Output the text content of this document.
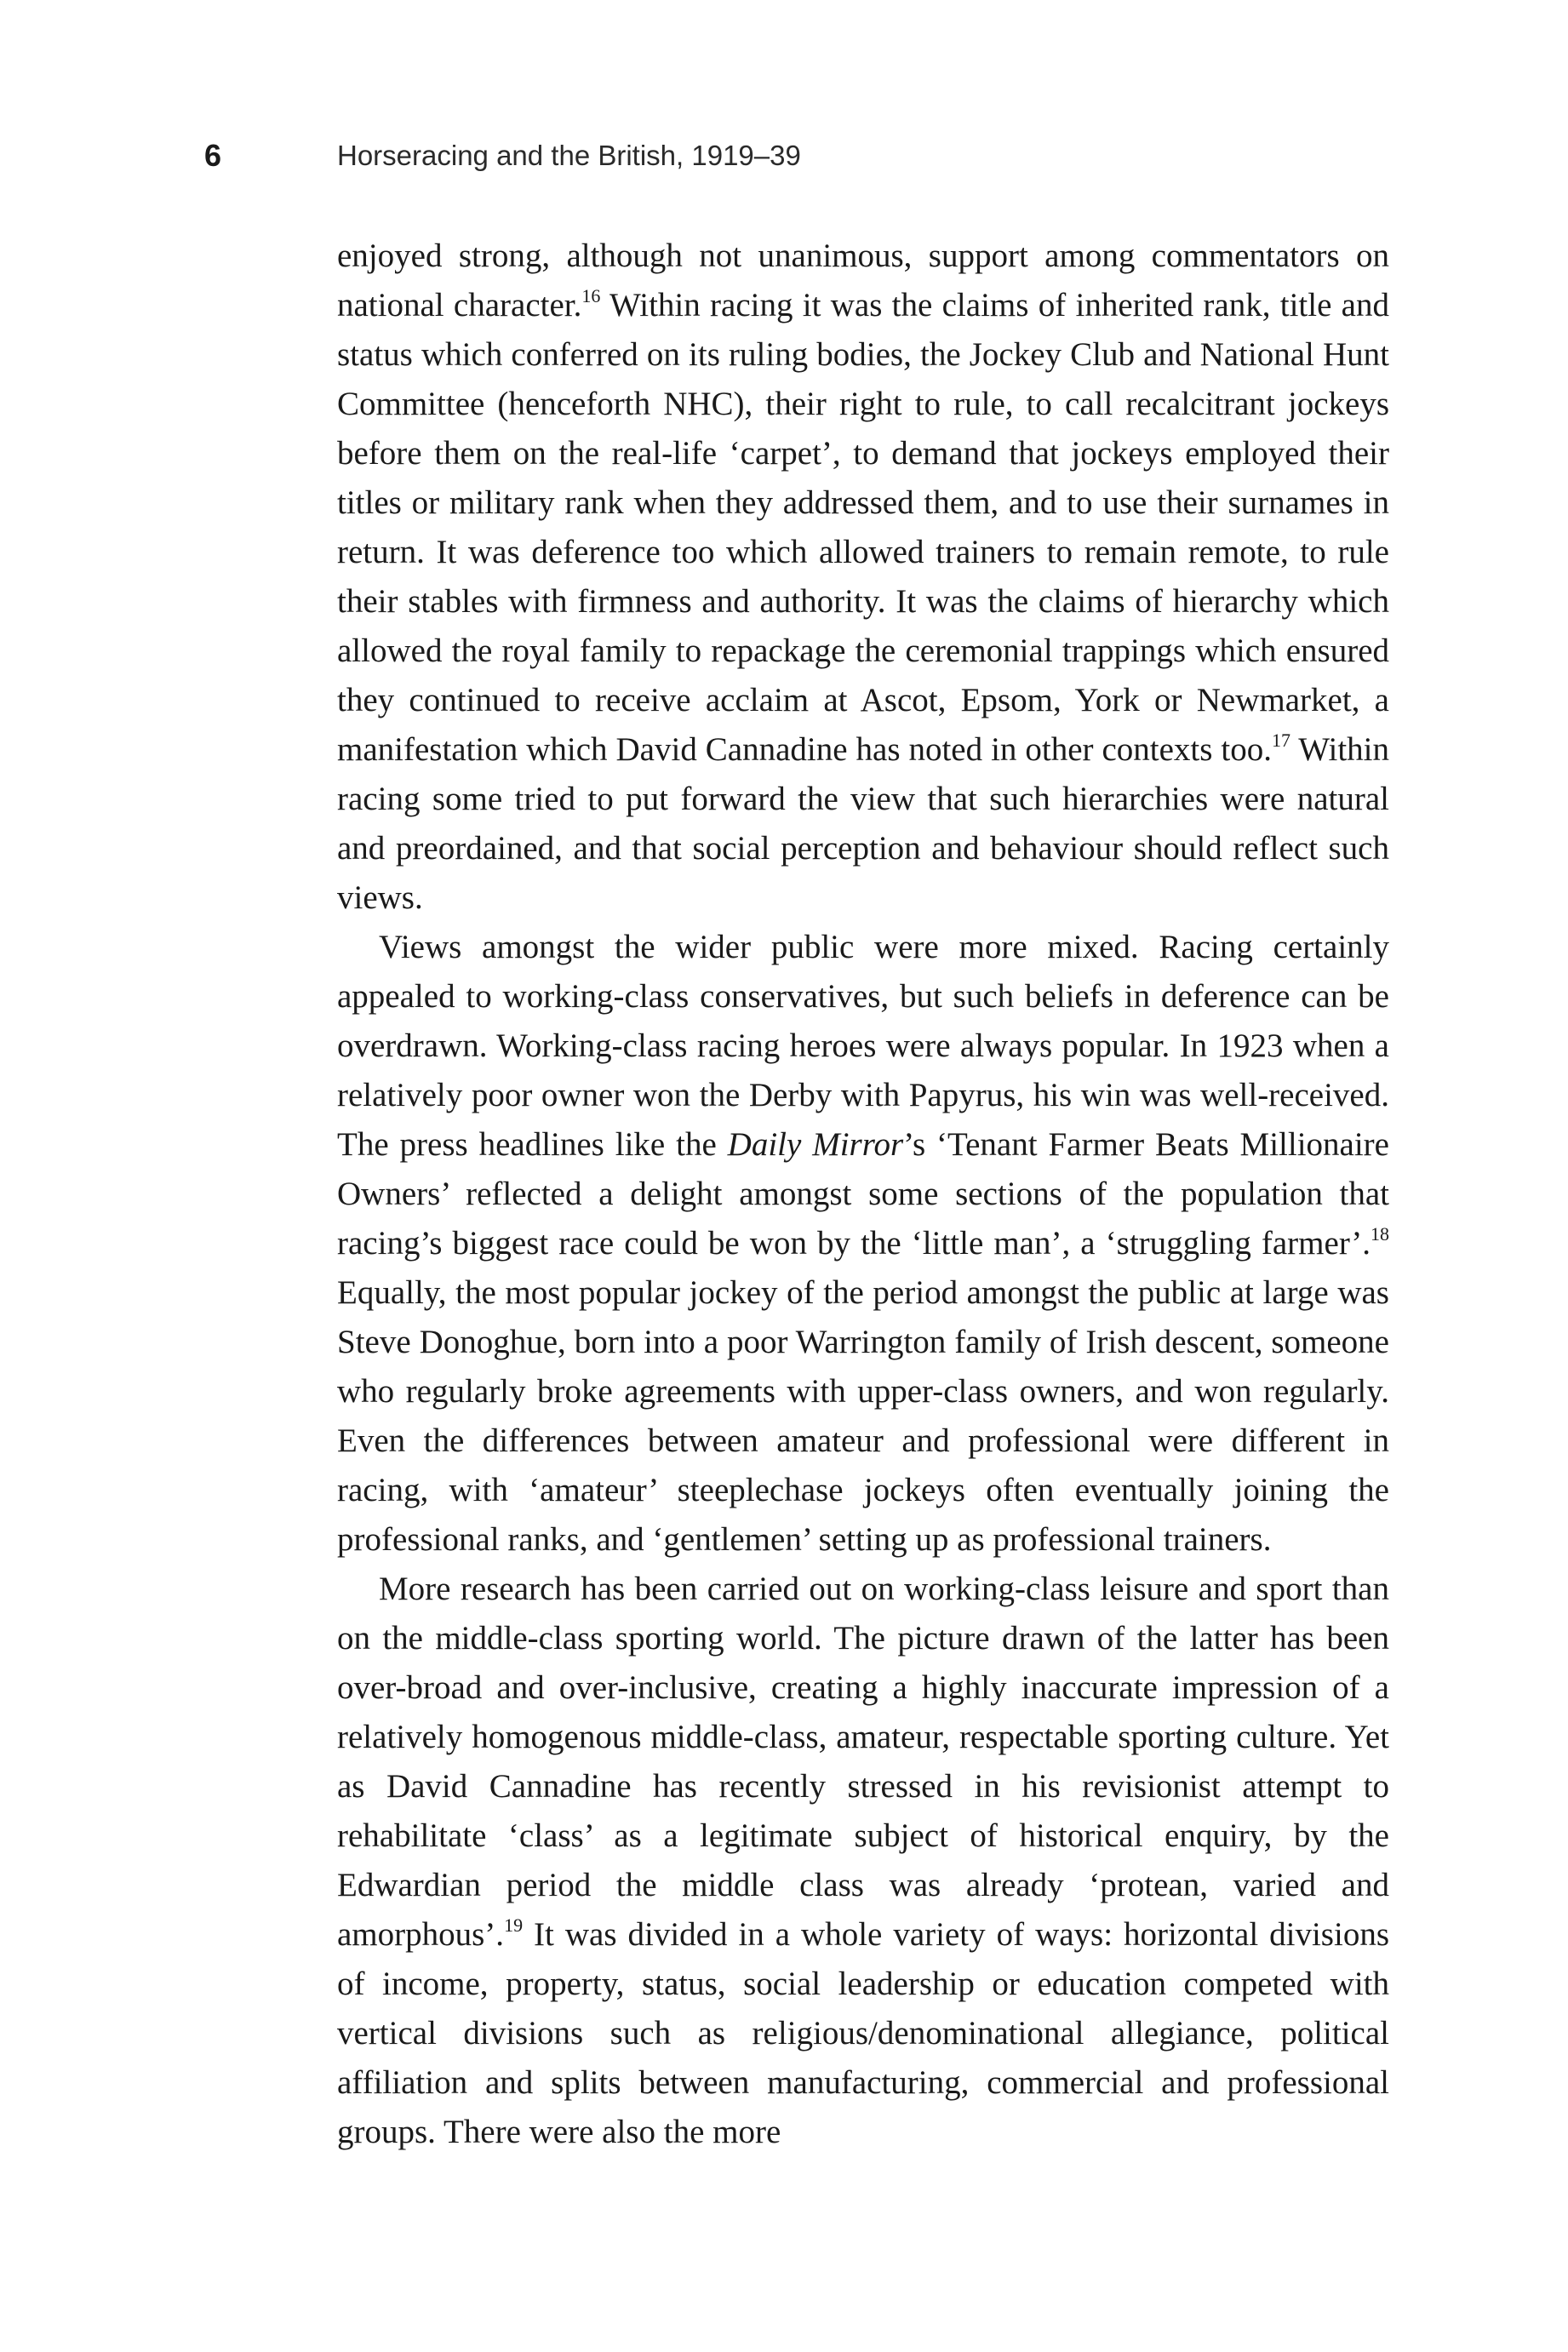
6	Horseracing and the British, 1919–39

enjoyed strong, although not unanimous, support among commentators on national character.$^{16}$ Within racing it was the claims of inherited rank, title and status which conferred on its ruling bodies, the Jockey Club and National Hunt Committee (henceforth NHC), their right to rule, to call recalcitrant jockeys before them on the real-life ‘carpet’, to demand that jockeys employed their titles or military rank when they addressed them, and to use their surnames in return. It was deference too which allowed trainers to remain remote, to rule their stables with firmness and authority. It was the claims of hierarchy which allowed the royal family to repackage the ceremonial trappings which ensured they continued to receive acclaim at Ascot, Epsom, York or Newmarket, a manifestation which David Cannadine has noted in other contexts too.$^{17}$ Within racing some tried to put forward the view that such hierarchies were natural and preordained, and that social perception and behaviour should reflect such views.

Views amongst the wider public were more mixed. Racing certainly appealed to working-class conservatives, but such beliefs in deference can be overdrawn. Working-class racing heroes were always popular. In 1923 when a relatively poor owner won the Derby with Papyrus, his win was well-received. The press headlines like the Daily Mirror’s ‘Tenant Farmer Beats Millionaire Owners’ reflected a delight amongst some sections of the population that racing’s biggest race could be won by the ‘little man’, a ‘struggling farmer’.$^{18}$ Equally, the most popular jockey of the period amongst the public at large was Steve Donoghue, born into a poor Warrington family of Irish descent, someone who regularly broke agreements with upper-class owners, and won regularly. Even the differences between amateur and professional were different in racing, with ‘amateur’ steeplechase jockeys often eventually joining the professional ranks, and ‘gentlemen’ setting up as professional trainers.

More research has been carried out on working-class leisure and sport than on the middle-class sporting world. The picture drawn of the latter has been over-broad and over-inclusive, creating a highly inaccurate impression of a relatively homogenous middle-class, amateur, respectable sporting culture. Yet as David Cannadine has recently stressed in his revisionist attempt to rehabilitate ‘class’ as a legitimate subject of historical enquiry, by the Edwardian period the middle class was already ‘protean, varied and amorphous’.$^{19}$ It was divided in a whole variety of ways: horizontal divisions of income, property, status, social leadership or education competed with vertical divisions such as religious/denominational allegiance, political affiliation and splits between manufacturing, commercial and professional groups. There were also the more
